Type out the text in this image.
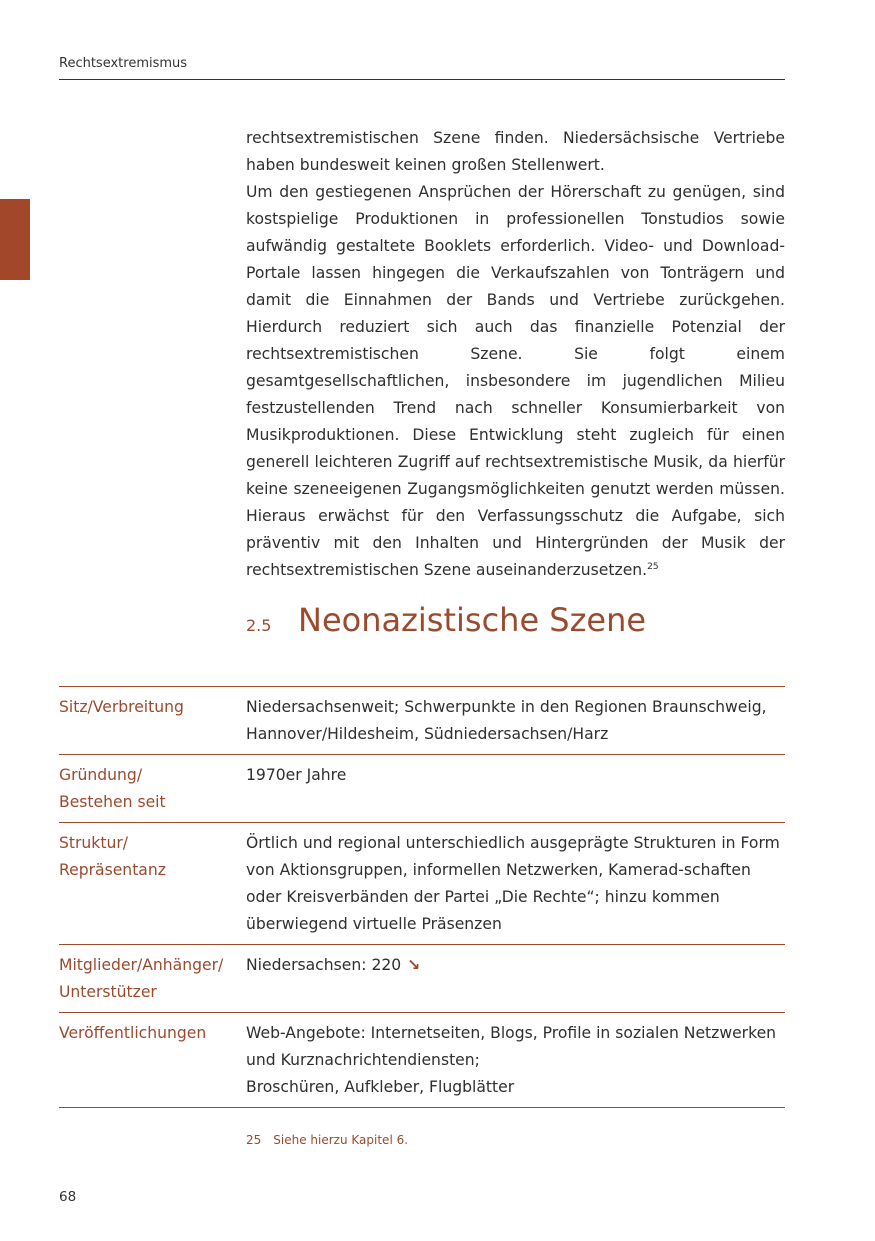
Rechtsextremismus

rechtsextremistischen Szene finden. Niedersächsische Vertriebe haben bundesweit keinen großen Stellenwert.

Um den gestiegenen Ansprüchen der Hörerschaft zu genügen, sind kostspielige Produktionen in professionellen Tonstudios sowie aufwändig gestaltete Booklets erforderlich. Video- und Download-Portale lassen hingegen die Verkaufszahlen von Tonträgern und damit die Einnahmen der Bands und Vertriebe zurückgehen. Hierdurch reduziert sich auch das finanzielle Potenzial der rechtsextremistischen Szene. Sie folgt einem gesamtgesellschaftlichen, insbesondere im jugendlichen Milieu festzustellenden Trend nach schneller Konsumierbarkeit von Musikproduktionen. Diese Entwicklung steht zugleich für einen generell leichteren Zugriff auf rechtsextremistische Musik, da hierfür keine szeneeigenen Zugangsmöglichkeiten genutzt werden müssen. Hieraus erwächst für den Verfassungsschutz die Aufgabe, sich präventiv mit den Inhalten und Hintergründen der Musik der rechtsextremistischen Szene auseinanderzusetzen.$^{25}$

2.5 Neonazistische Szene
Sitz/Verbreitung	Niedersachsenweit; Schwerpunkte in den Regionen Braunschweig, Hannover/Hildesheim, Südniedersachsen/Harz
Gründung/
Bestehen seit
1970er Jahre
Struktur/
Repräsentanz
Örtlich und regional unterschiedlich ausgeprägte Strukturen in Form von Aktionsgruppen, informellen Netzwerken, Kamerad-schaften oder Kreisverbänden der Partei „Die Rechte“; hinzu kommen überwiegend virtuelle Präsenzen
Mitglieder/Anhänger/
Unterstützer
Niedersachsen: 220 ↘
Veröffentlichungen	Web-Angebote: Internetseiten, Blogs, Profile in sozialen Netzwerken und Kurznachrichtendiensten;
Broschüren, Aufkleber, Flugblätter
25 Siehe hierzu Kapitel 6.
68
